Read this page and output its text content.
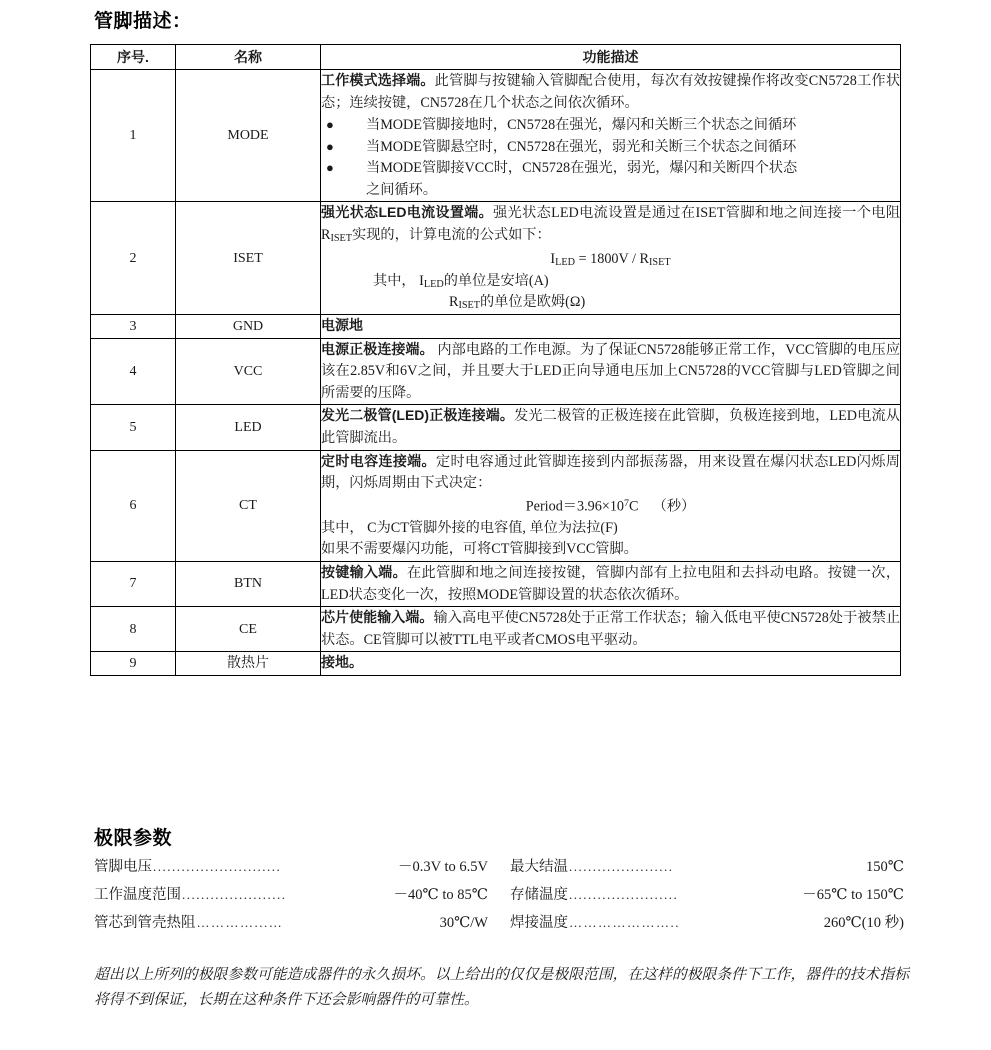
管脚描述：
序号.	名称	功能描述
1	MODE	工作模式选择端。此管脚与按键输入管脚配合使用，每次有效按键操作将改变CN5728工作状态；连续按键，CN5728在几个状态之间依次循环。
● 当MODE管脚接地时，CN5728在强光，爆闪和关断三个状态之间循环
● 当MODE管脚悬空时，CN5728在强光，弱光和关断三个状态之间循环
● 当MODE管脚接VCC时，CN5728在强光，弱光，爆闪和关断四个状态
之间循环。

2	ISET	强光状态LED电流设置端。强光状态LED电流设置是通过在ISET管脚和地之间连接一个电阻$R_{ISET}$实现的，计算电流的公式如下：
$I_{LED} = 1800V / R_{ISET}$
其中， $I_{LED}$的单位是安培(A)
$R_{ISET}$的单位是欧姆(Ω)

3	GND	电源地
4	VCC	电源正极连接端。 内部电路的工作电源。为了保证CN5728能够正常工作，VCC管脚的电压应该在2.85V和6V之间，并且要大于LED正向导通电压加上CN5728的VCC管脚与LED管脚之间所需要的压降。
5	LED	发光二极管(LED)正极连接端。发光二极管的正极连接在此管脚，负极连接到地，LED电流从此管脚流出。
6	CT	定时电容连接端。定时电容通过此管脚连接到内部振荡器，用来设置在爆闪状态LED闪烁周期，闪烁周期由下式决定：
$Period=3.96\times 10^7C$ （秒）
其中， C为CT管脚外接的电容值, 单位为法拉(F)
如果不需要爆闪功能，可将CT管脚接到VCC管脚。

7	BTN	按键输入端。在此管脚和地之间连接按键，管脚内部有上拉电阻和去抖动电路。按键一次，LED状态变化一次，按照MODE管脚设置的状态依次循环。
8	CE	芯片使能输入端。输入高电平使CN5728处于正常工作状态；输入低电平使CN5728处于被禁止状态。CE管脚可以被TTL电平或者CMOS电平驱动。
9	散热片	接地。
极限参数
管脚电压 ...........................	－0.3V to 6.5V 最大结温 ......................	150℃
工作温度范围 ......................	－40℃ to 85℃ 存储温度 .......................	－65℃ to 150℃
管芯到管壳热阻 …………...…	30℃/W 焊接温度 …………………..	260℃(10 秒)
超出以上所列的极限参数可能造成器件的永久损坏。以上给出的仅仅是极限范围，在这样的极限条件下工作，器件的技术指标将得不到保证，长期在这种条件下还会影响器件的可靠性。
